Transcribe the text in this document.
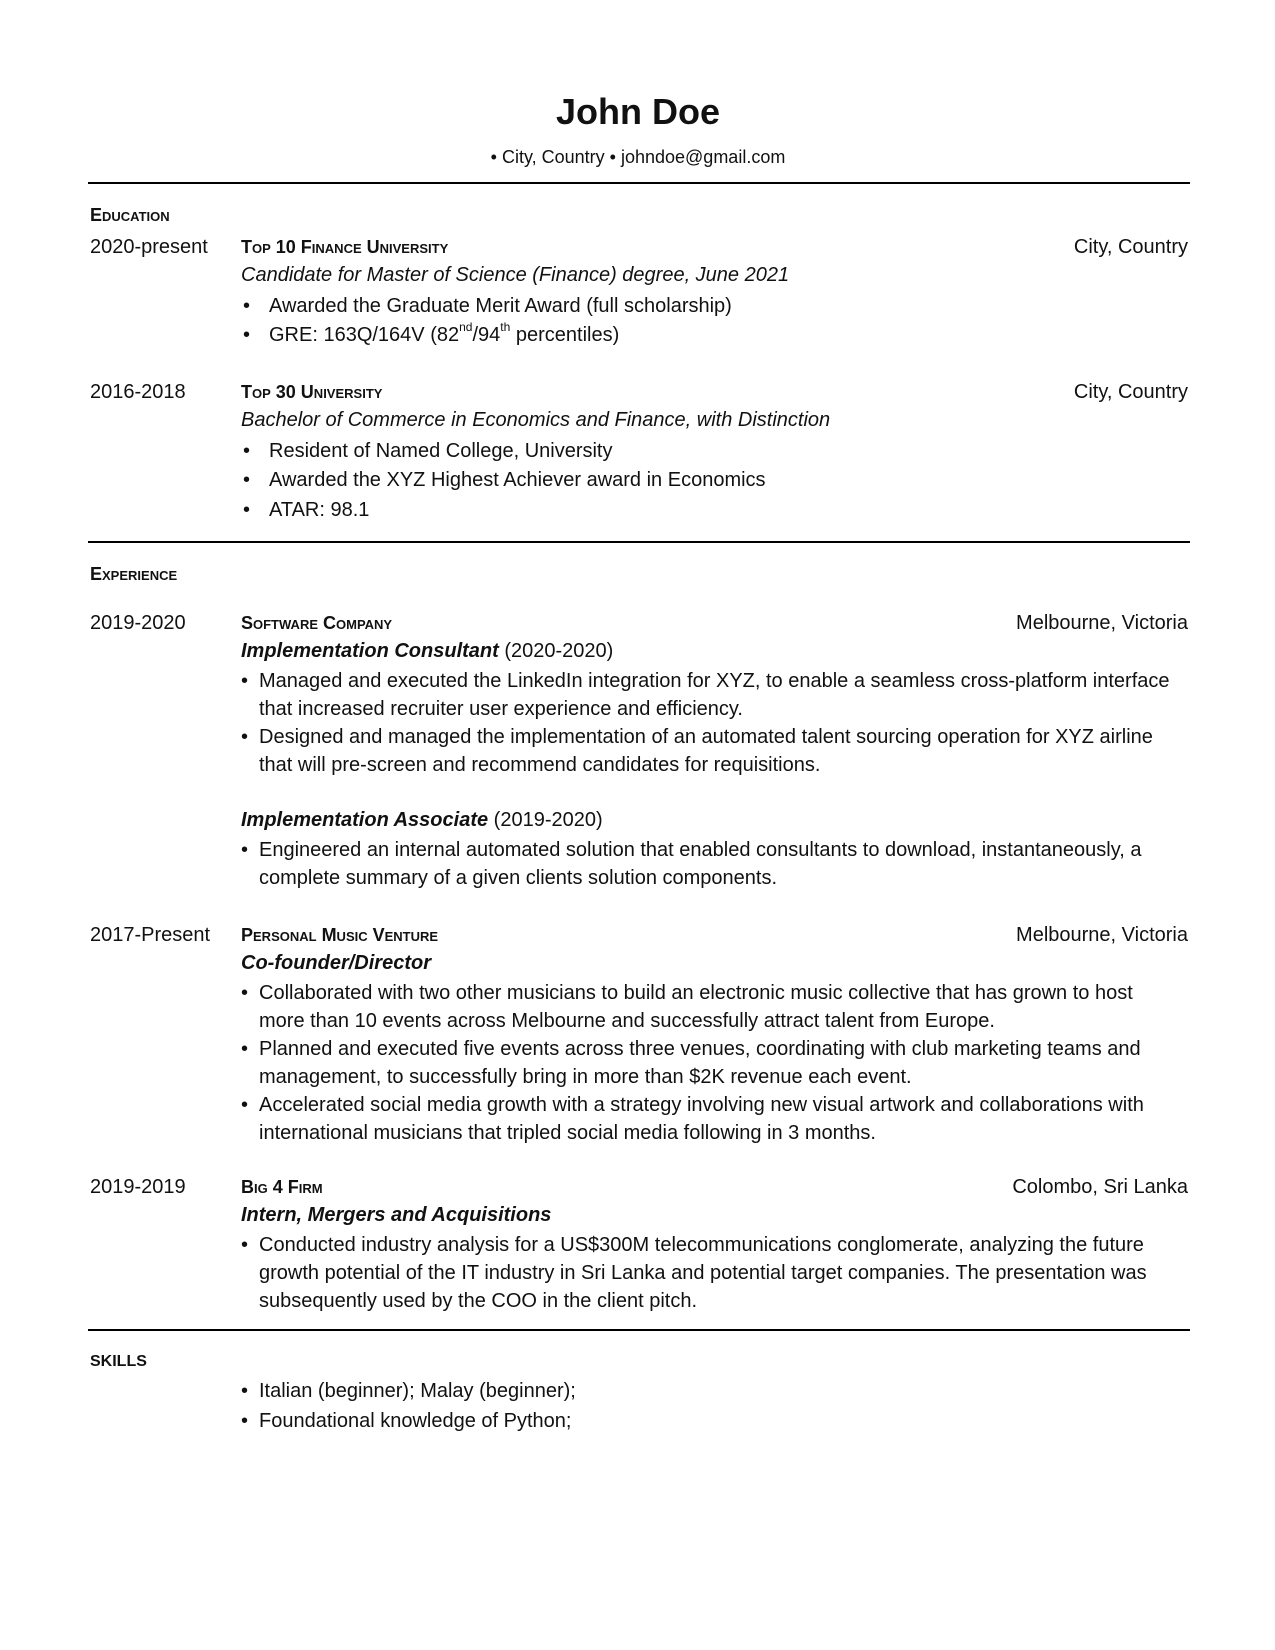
John Doe
• City, Country • johndoe@gmail.com
Education
2020-present Top 10 Finance University	City, Country
Candidate for Master of Science (Finance) degree, June 2021
• Awarded the Graduate Merit Award (full scholarship)
• GRE: 163Q/164V (82nd/94th percentiles)
2016-2018	Top 30 University	City, Country
Bachelor of Commerce in Economics and Finance, with Distinction
• Resident of Named College, University
• Awarded the XYZ Highest Achiever award in Economics
• ATAR: 98.1
Experience
2019-2020	Software Company	Melbourne, Victoria
Implementation Consultant (2020-2020)
• Managed and executed the LinkedIn integration for XYZ, to enable a seamless cross-platform interface that increased recruiter user experience and efficiency.
• Designed and managed the implementation of an automated talent sourcing operation for XYZ airline that will pre-screen and recommend candidates for requisitions.
Implementation Associate (2019-2020)
• Engineered an internal automated solution that enabled consultants to download, instantaneously, a complete summary of a given clients solution components.
2017-Present Personal Music Venture	Melbourne, Victoria
Co-founder/Director
• Collaborated with two other musicians to build an electronic music collective that has grown to host more than 10 events across Melbourne and successfully attract talent from Europe.
• Planned and executed five events across three venues, coordinating with club marketing teams and management, to successfully bring in more than $2K revenue each event.
• Accelerated social media growth with a strategy involving new visual artwork and collaborations with international musicians that tripled social media following in 3 months.
2019-2019	Big 4 Firm	Colombo, Sri Lanka
Intern, Mergers and Acquisitions
• Conducted industry analysis for a US$300M telecommunications conglomerate, analyzing the future growth potential of the IT industry in Sri Lanka and potential target companies. The presentation was subsequently used by the COO in the client pitch.
SKILLS
• Italian (beginner); Malay (beginner);
• Foundational knowledge of Python;
